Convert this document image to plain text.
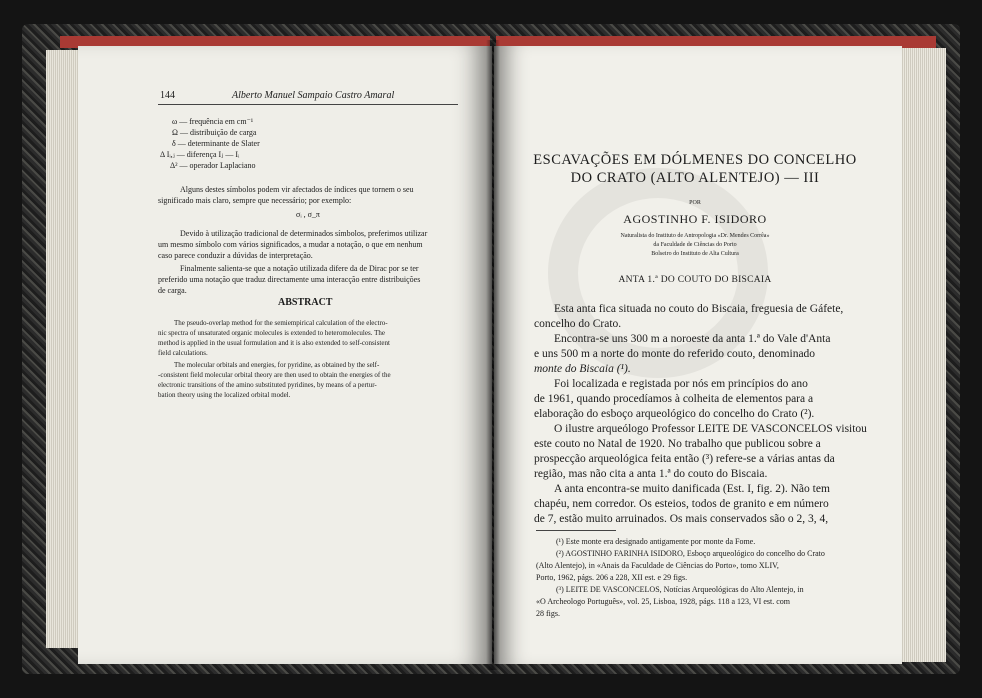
144	Alberto Manuel Sampaio Castro Amaral
ω — frequência em cm⁻¹
Ω — distribuição de carga
δ — determinante de Slater
Δ Iᵢ,ⱼ — diferença Iⱼ — Iᵢ
Δ² — operador Laplaciano
Alguns destes símbolos podem vir afectados de índices que tornem o seu
significado mais claro, sempre que necessário; por exemplo:
σᵢ , σ_π
Devido à utilização tradicional de determinados símbolos, preferimos utilizar
um mesmo símbolo com vários significados, a mudar a notação, o que em nenhum
caso parece conduzir a dúvidas de interpretação.
Finalmente salienta-se que a notação utilizada difere da de Dirac por se ter
preferido uma notação que traduz directamente uma interacção entre distribuições
de carga.
ABSTRACT
The pseudo-overlap method for the semiempirical calculation of the electro-
nic spectra of unsaturated organic molecules is extended to heteromolecules. The
method is applied in the usual formulation and it is also extended to self-consistent
field calculations.
The molecular orbitals and energies, for pyridine, as obtained by the self-
-consistent field molecular orbital theory are then used to obtain the energies of the
electronic transitions of the amino substituted pyridines, by means of a pertur-
bation theory using the localized orbital model.
ESCAVAÇÕES EM DÓLMENES DO CONCELHO
DO CRATO (ALTO ALENTEJO) — III
POR
AGOSTINHO F. ISIDORO
Naturalista do Instituto de Antropologia «Dr. Mendes Corrêa»
da Faculdade de Ciências do Porto
Bolseiro do Instituto de Alta Cultura
ANTA 1.ª DO COUTO DO BISCAIA
Esta anta fica situada no couto do Biscaia, freguesia de Gáfete,
concelho do Crato.
Encontra-se uns 300 m a noroeste da anta 1.ª do Vale d'Anta
e uns 500 m a norte do monte do referido couto, denominado
monte do Biscaia (¹).
Foi localizada e registada por nós em princípios do ano
de 1961, quando procedíamos à colheita de elementos para a
elaboração do esboço arqueológico do concelho do Crato (²).
O ilustre arqueólogo Professor LEITE DE VASCONCELOS visitou
este couto no Natal de 1920. No trabalho que publicou sobre a
prospecção arqueológica feita então (³) refere-se a várias antas da
região, mas não cita a anta 1.ª do couto do Biscaia.
A anta encontra-se muito danificada (Est. I, fig. 2). Não tem
chapéu, nem corredor. Os esteios, todos de granito e em número
de 7, estão muito arruinados. Os mais conservados são o 2, 3, 4,
(¹) Este monte era designado antigamente por monte da Fome.
(²) AGOSTINHO FARINHA ISIDORO, Esboço arqueológico do concelho do Crato
(Alto Alentejo), in «Anais da Faculdade de Ciências do Porto», tomo XLIV,
Porto, 1962, págs. 206 a 228, XII est. e 29 figs.
(³) LEITE DE VASCONCELOS, Notícias Arqueológicas do Alto Alentejo, in
«O Archeologo Português», vol. 25, Lisboa, 1928, págs. 118 a 123, VI est. com
28 figs.
